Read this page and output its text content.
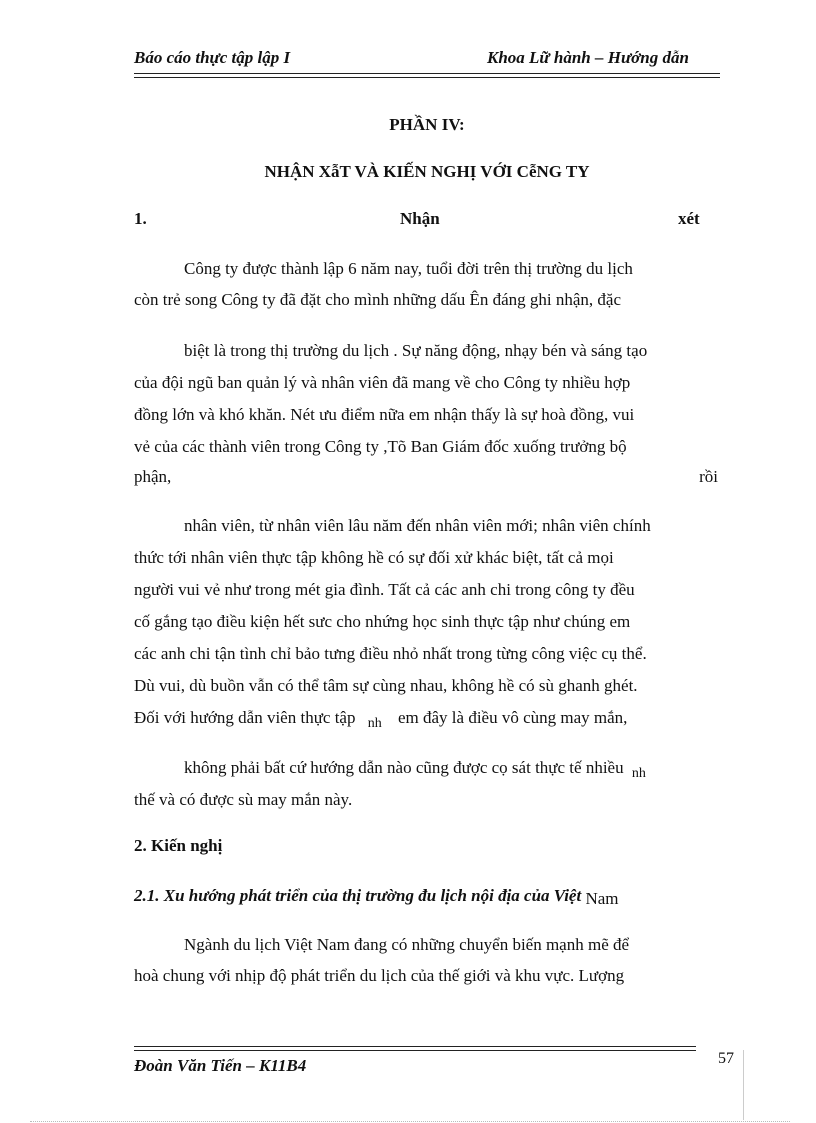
Báo cáo thực tập lập I	Khoa Lữ hành – Hướng dẫn
PHẦN IV:
NHẬN XẫT VÀ KIẾN NGHỊ VỚI CễNG TY
1.	Nhận	xét
Công ty được thành lập 6 năm nay, tuổi đời trên thị trường du lịch
còn trẻ song Công ty đã đặt cho mình những dấu Ên đáng ghi nhận, đặc
biệt là trong thị trường du lịch . Sự năng động, nhạy bén và sáng tạo
của đội ngũ ban quản lý và nhân viên đã mang về cho Công ty nhiều hợp
đồng lớn và khó khăn. Nét ưu điểm nữa em nhận thấy là sự hoà đồng, vui
vẻ của các thành viên trong Công ty ,Tõ Ban Giám đốc xuống trưởng bộ
phận,	rồi
nhân viên, từ nhân viên lâu năm đến nhân viên mới; nhân viên chính
thức tới nhân viên thực tập không hề có sự đối xử khác biệt, tất cả mọi
người vui vẻ như trong mét gia đình. Tất cả các anh chi trong công ty đều
cố gắng tạo điều kiện hết sưc cho nhứng học sinh thực tập như chúng em
các anh chi tận tình chỉ bảo tưng điều nhỏ nhất trong từng công việc cụ thể.
Dù vui, dù buồn vẫn có thể tâm sự cùng nhau, không hề có sù ghanh ghét.
Đối với hướng dẫn viên thực tập $_{nh}$ em đây là điều vô cùng may mắn,
không phải bất cứ hướng dẫn nào cũng được cọ sát thực tế nhiều $_{nh}$
thế và có được sù may mắn này.
2. Kiến nghị
2.1. Xu hướng phát triển của thị trường đu lịch nội địa của Việt Nam
Ngành du lịch Việt Nam đang có những chuyển biến mạnh mẽ để
hoà chung với nhịp độ phát triển du lịch của thế giới và khu vực. Lượng
Đoàn Văn Tiến – K11B4	57
